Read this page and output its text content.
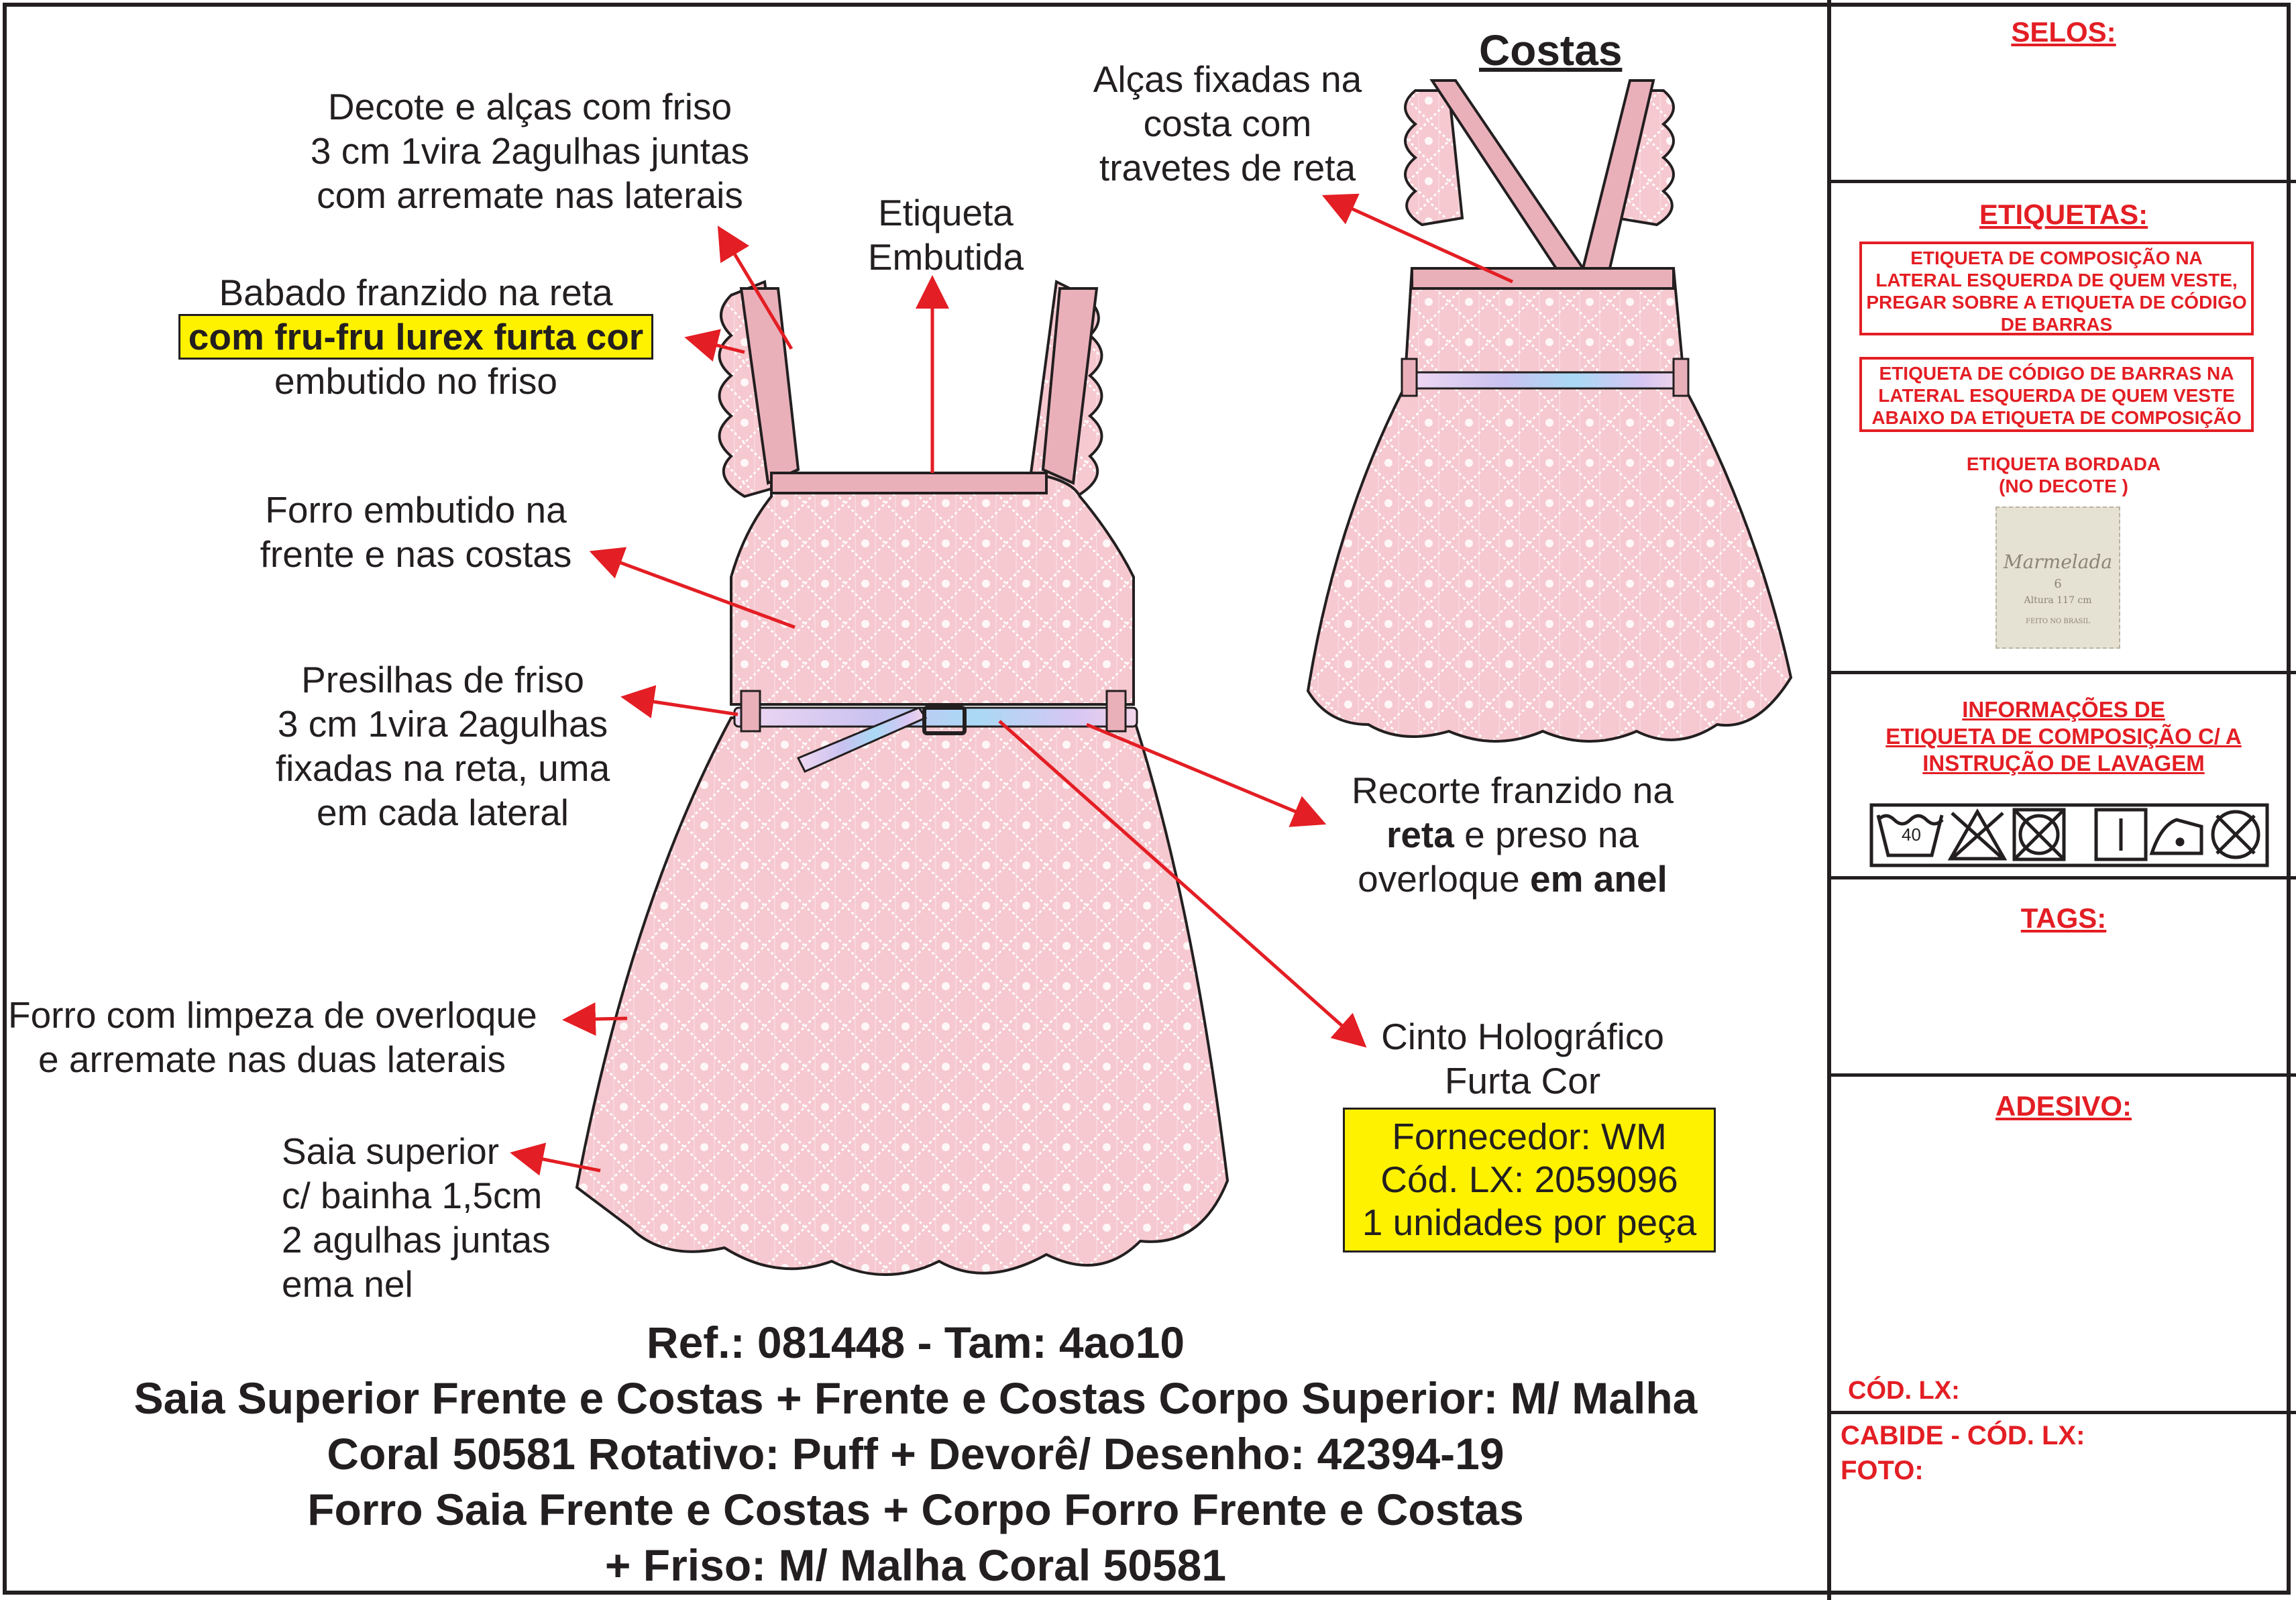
Decote e alças com friso
3 cm 1vira 2agulhas juntas
com arremate nas laterais
Babado franzido na reta
com fru-fru lurex furta cor
embutido no friso
Etiqueta
Embutida
Alças fixadas na
costa com
travetes de reta
Costas
Forro embutido na
frente e nas costas
Presilhas de friso
3 cm 1vira 2agulhas
fixadas na reta, uma
em cada lateral
Recorte franzido na
reta e preso na
overloque em anel
Forro com limpeza de overloque
e arremate nas duas laterais
Cinto Holográfico
Furta Cor
Saia superior
c/ bainha 1,5cm
2 agulhas juntas
ema nel
Fornecedor: WM
Cód. LX: 2059096
1 unidades por peça
Ref.: 081448 - Tam: 4ao10
Saia Superior Frente e Costas + Frente e Costas Corpo Superior: M/ Malha
Coral 50581 Rotativo: Puff + Devorê/ Desenho: 42394-19
Forro Saia Frente e Costas + Corpo Forro Frente e Costas
+ Friso: M/ Malha Coral 50581
SELOS:
ETIQUETAS:
ETIQUETA DE COMPOSIÇÃO NA LATERAL ESQUERDA DE QUEM VESTE, PREGAR SOBRE A ETIQUETA DE CÓDIGO DE BARRAS
ETIQUETA DE CÓDIGO DE BARRAS NA LATERAL ESQUERDA DE QUEM VESTE ABAIXO DA ETIQUETA DE COMPOSIÇÃO
ETIQUETA BORDADA
(NO DECOTE )
Marmelada
6
Altura 117 cm
FEITO NO BRASIL
INFORMAÇÕES DE
ETIQUETA DE COMPOSIÇÃO C/ A
INSTRUÇÃO DE LAVAGEM
40
TAGS:
ADESIVO:
CÓD. LX:
CABIDE - CÓD. LX:
FOTO:
